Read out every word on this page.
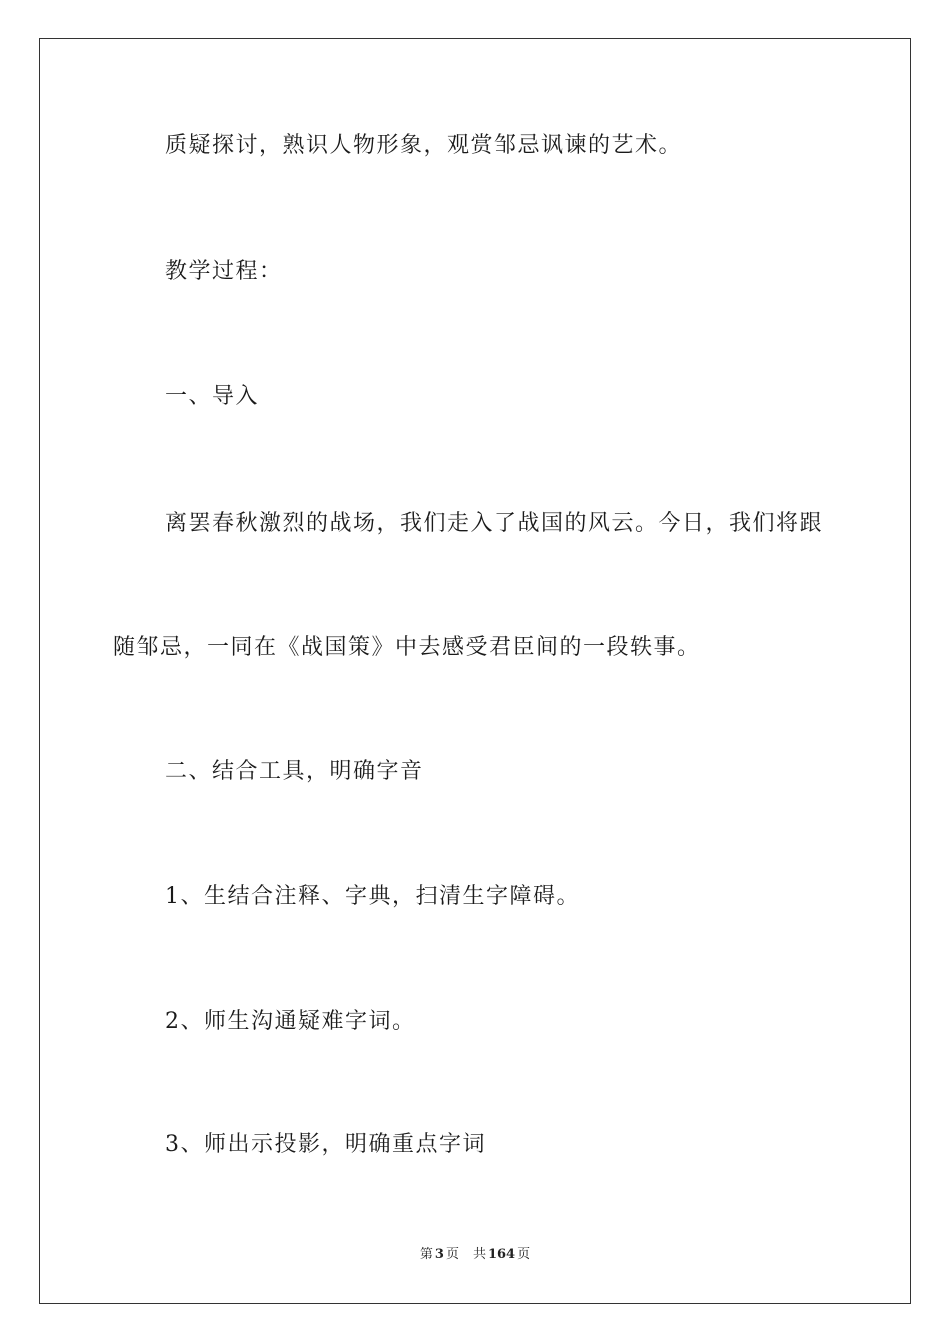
质疑探讨，熟识人物形象，观赏邹忌讽谏的艺术。
教学过程：
一、导入
离罢春秋激烈的战场，我们走入了战国的风云。今日，我们将跟
随邹忌，一同在《战国策》中去感受君臣间的一段轶事。
二、结合工具，明确字音
1、生结合注释、字典，扫清生字障碍。
2、师生沟通疑难字词。
3、师出示投影，明确重点字词
第 3 页 共 164 页
